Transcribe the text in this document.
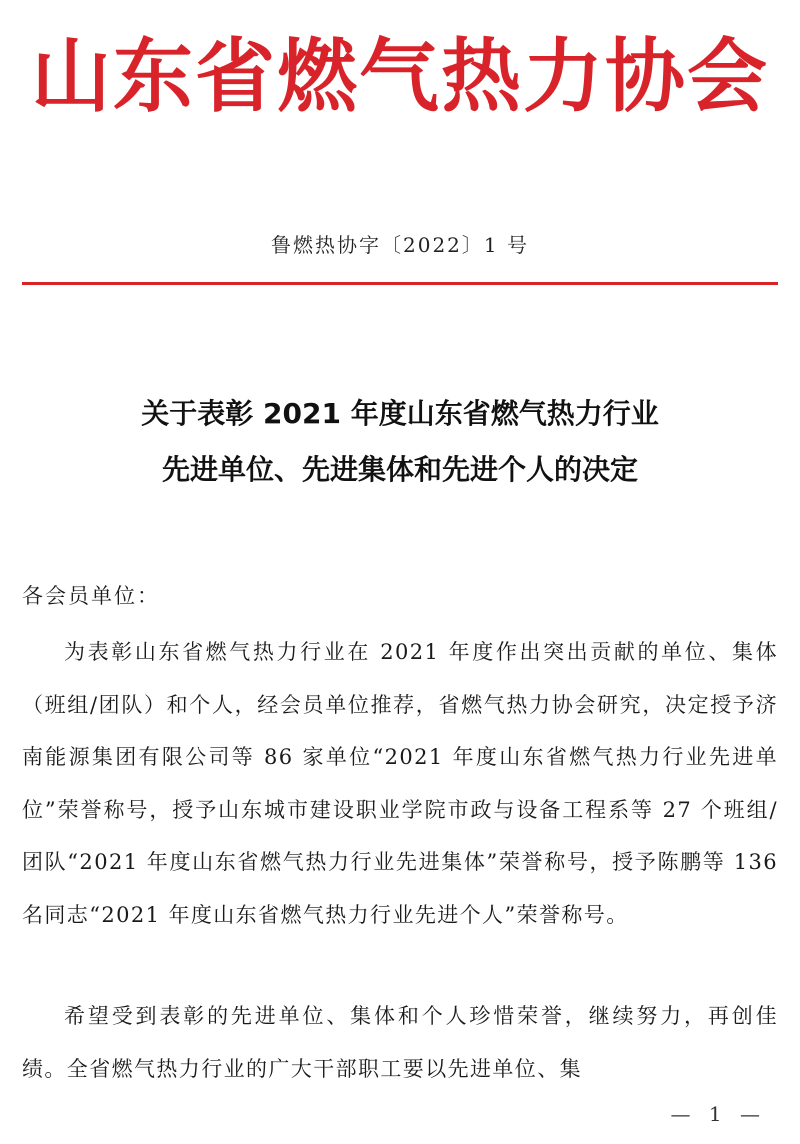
山东省燃气热力协会
鲁燃热协字〔2022〕1 号
关于表彰 2021 年度山东省燃气热力行业
先进单位、先进集体和先进个人的决定
各会员单位：

为表彰山东省燃气热力行业在 2021 年度作出突出贡献的单位、集体（班组/团队）和个人，经会员单位推荐，省燃气热力协会研究，决定授予济南能源集团有限公司等 86 家单位“2021 年度山东省燃气热力行业先进单位”荣誉称号，授予山东城市建设职业学院市政与设备工程系等 27 个班组/团队“2021 年度山东省燃气热力行业先进集体”荣誉称号，授予陈鹏等 136 名同志“2021 年度山东省燃气热力行业先进个人”荣誉称号。

希望受到表彰的先进单位、集体和个人珍惜荣誉，继续努力，再创佳绩。全省燃气热力行业的广大干部职工要以先进单位、集

— 1 —
